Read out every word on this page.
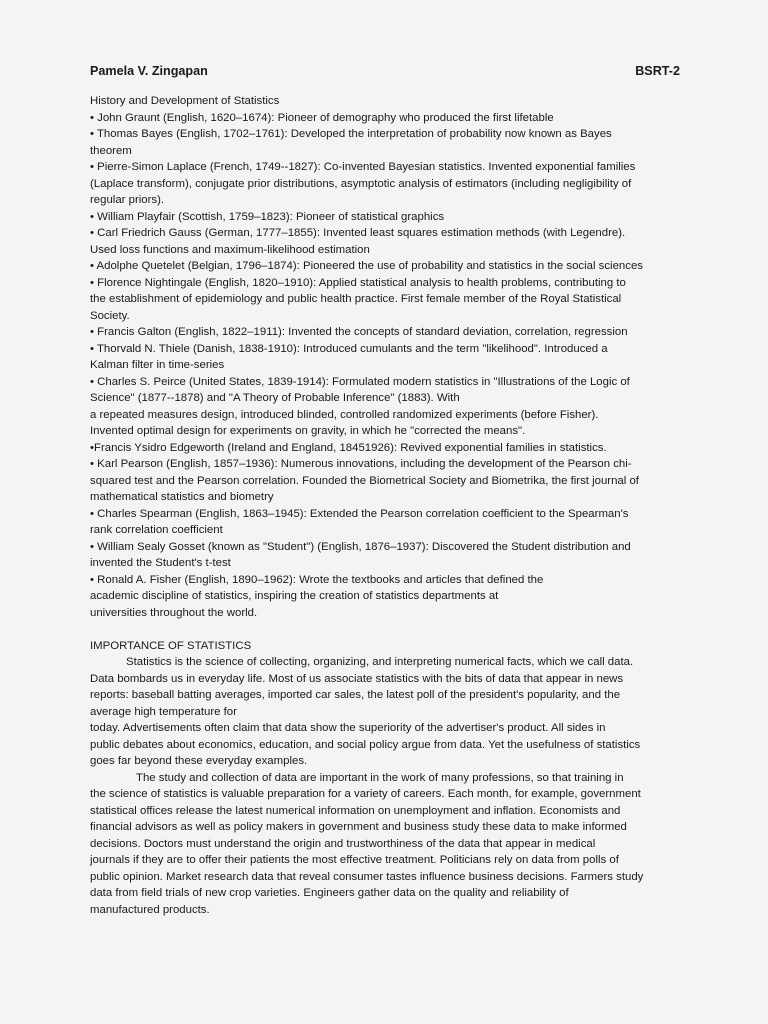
Pamela V. Zingapan	BSRT-2
History and Development of Statistics
• John Graunt (English, 1620–1674): Pioneer of demography who produced the first lifetable
• Thomas Bayes (English, 1702–1761): Developed the interpretation of probability now known as Bayes
theorem
• Pierre-Simon Laplace (French, 1749--1827): Co-invented Bayesian statistics. Invented exponential families
(Laplace transform), conjugate prior distributions, asymptotic analysis of estimators (including negligibility of
regular priors).
• William Playfair (Scottish, 1759–1823): Pioneer of statistical graphics
• Carl Friedrich Gauss (German, 1777–1855): Invented least squares estimation methods (with Legendre).
Used loss functions and maximum-likelihood estimation
• Adolphe Quetelet (Belgian, 1796–1874): Pioneered the use of probability and statistics in the social sciences
• Florence Nightingale (English, 1820–1910): Applied statistical analysis to health problems, contributing to
the establishment of epidemiology and public health practice. First female member of the Royal Statistical
Society.
• Francis Galton (English, 1822–1911): Invented the concepts of standard deviation, correlation, regression
• Thorvald N. Thiele (Danish, 1838-1910): Introduced cumulants and the term "likelihood". Introduced a
Kalman filter in time-series
• Charles S. Peirce (United States, 1839-1914): Formulated modern statistics in "Illustrations of the Logic of
Science" (1877--1878) and "A Theory of Probable Inference" (1883). With
a repeated measures design, introduced blinded, controlled randomized experiments (before Fisher).
Invented optimal design for experiments on gravity, in which he "corrected the means".
•Francis Ysidro Edgeworth (Ireland and England, 18451926): Revived exponential families in statistics.
• Karl Pearson (English, 1857–1936): Numerous innovations, including the development of the Pearson chi-
squared test and the Pearson correlation. Founded the Biometrical Society and Biometrika, the first journal of
mathematical statistics and biometry
• Charles Spearman (English, 1863–1945): Extended the Pearson correlation coefficient to the Spearman's
rank correlation coefficient
• William Sealy Gosset (known as "Student") (English, 1876–1937): Discovered the Student distribution and
invented the Student's t-test
• Ronald A. Fisher (English, 1890–1962): Wrote the textbooks and articles that defined the
academic discipline of statistics, inspiring the creation of statistics departments at
universities throughout the world.
IMPORTANCE OF STATISTICS
Statistics is the science of collecting, organizing, and interpreting numerical facts, which we call data.
Data bombards us in everyday life. Most of us associate statistics with the bits of data that appear in news
reports: baseball batting averages, imported car sales, the latest poll of the president's popularity, and the
average high temperature for
today. Advertisements often claim that data show the superiority of the advertiser's product. All sides in
public debates about economics, education, and social policy argue from data. Yet the usefulness of statistics
goes far beyond these everyday examples.
The study and collection of data are important in the work of many professions, so that training in
the science of statistics is valuable preparation for a variety of careers. Each month, for example, government
statistical offices release the latest numerical information on unemployment and inflation. Economists and
financial advisors as well as policy makers in government and business study these data to make informed
decisions. Doctors must understand the origin and trustworthiness of the data that appear in medical
journals if they are to offer their patients the most effective treatment. Politicians rely on data from polls of
public opinion. Market research data that reveal consumer tastes influence business decisions. Farmers study
data from field trials of new crop varieties. Engineers gather data on the quality and reliability of
manufactured products.
